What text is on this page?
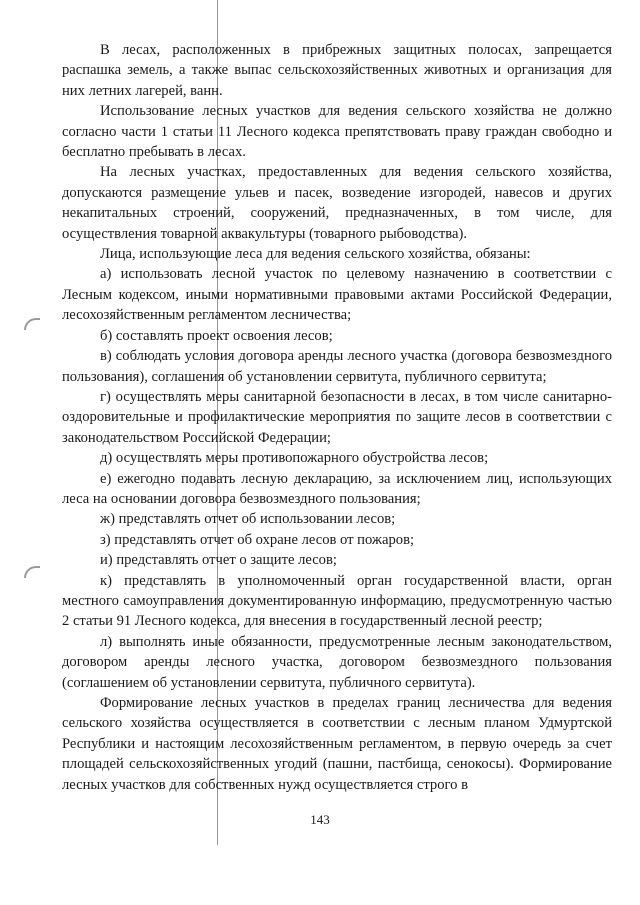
В лесах, расположенных в прибрежных защитных полосах, запрещается распашка земель, а также выпас сельскохозяйственных животных и организация для них летних лагерей, ванн.

Использование лесных участков для ведения сельского хозяйства не должно согласно части 1 статьи 11 Лесного кодекса препятствовать праву граждан свободно и бесплатно пребывать в лесах.

На лесных участках, предоставленных для ведения сельского хозяйства, допускаются размещение ульев и пасек, возведение изгородей, навесов и других некапитальных строений, сооружений, предназначенных, в том числе, для осуществления товарной аквакультуры (товарного рыбоводства).

Лица, использующие леса для ведения сельского хозяйства, обязаны:

а) использовать лесной участок по целевому назначению в соответствии с Лесным кодексом, иными нормативными правовыми актами Российской Федерации, лесохозяйственным регламентом лесничества;

б) составлять проект освоения лесов;

в) соблюдать условия договора аренды лесного участка (договора безвозмездного пользования), соглашения об установлении сервитута, публичного сервитута;

г) осуществлять меры санитарной безопасности в лесах, в том числе санитарно-оздоровительные и профилактические мероприятия по защите лесов в соответствии с законодательством Российской Федерации;

д) осуществлять меры противопожарного обустройства лесов;

е) ежегодно подавать лесную декларацию, за исключением лиц, использующих леса на основании договора безвозмездного пользования;

ж) представлять отчет об использовании лесов;

з) представлять отчет об охране лесов от пожаров;

и) представлять отчет о защите лесов;

к) представлять в уполномоченный орган государственной власти, орган местного самоуправления документированную информацию, предусмотренную частью 2 статьи 91 Лесного кодекса, для внесения в государственный лесной реестр;

л) выполнять иные обязанности, предусмотренные лесным законодательством, договором аренды лесного участка, договором безвозмездного пользования (соглашением об установлении сервитута, публичного сервитута).

Формирование лесных участков в пределах границ лесничества для ведения сельского хозяйства осуществляется в соответствии с лесным планом Удмуртской Республики и настоящим лесохозяйственным регламентом, в первую очередь за счет площадей сельскохозяйственных угодий (пашни, пастбища, сенокосы). Формирование лесных участков для собственных нужд осуществляется строго в

143
